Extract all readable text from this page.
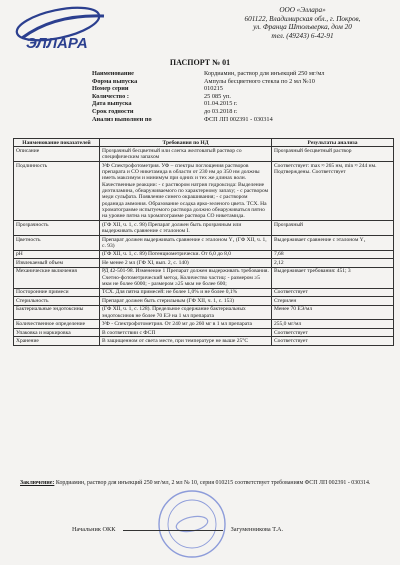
ЭЛЛАРА
ООО «Эллара»
601122, Владимирская обл., г. Покров,
ул. Франца Штольверка, дом 20
тел. (49243) 6-42-91
ПАСПОРТ № 01
Наименование	Кордиамин, раствор для инъекций 250 мг/мл
Форма выпуска	Ампулы бесцветного стекла по 2 мл №10
Номер серии	010215
Количество :	25 085 уп.
Дата выпуска	01.04.2015 г.
Срок годности	до 03.2018 г.
Анализ выполнен по	ФСП ЛП 002391 - 030314
Наименование показателей	Требования по НД	Результаты анализа
Описание	Прозрачный бесцветный или слегка желтоватый раствор со специфическим запахом	Прозрачный бесцветный раствор
Подлинность	УФ Спектрофотометрия. УФ – спектры поглощения растворов препарата и СО никетамида в области от 230 нм до 350 нм должны иметь максимум и минимум при одних и тех же длинах волн. Качественные реакции: - с раствором натрия гидроксида: Выделение диэтиламина, обнаруживаемого по характерному запаху; - с раствором меди сульфата. Появление синего окрашивания; - с раствором роданида аммония. Образование осадка ярко-зеленого цвета. ТСХ. На хроматограмме испытуемого раствора должно обнаруживаться пятно на уровне пятна на хроматограмме раствора СО никетамида.	Соответствует: max ≈ 265 нм, min ≈ 244 нм. Подтверждены. Соответствует
Прозрачность	(ГФ XII, ч. 1, с. 98) Препарат должен быть прозрачным или выдерживать сравнение с эталоном I.	Прозрачный
Цветность	Препарат должен выдерживать сравнение с эталоном Y₁ (ГФ XII, ч. 1, с. 93)	Выдерживает сравнение с эталоном Y₁
pH	(ГФ XII, ч. 1, с. 89) Потенциометрически. От 6,0 до 8,0	7,68
Извлекаемый объем	Не менее 2 мл (ГФ XI, вып. 2, с. 140)	2,12
Механические включения	РД 42-501-98. Изменение 1 Препарат должен выдерживать требования. Счетно-фотометрический метод. Количество частиц: - размером ≥5 мкм не более 6000; - размером ≥25 мкм не более 600;	Выдерживает требования: 451; 3
Посторонние примеси	ТСХ. Для пятна примесей: не более 1,0% и не более 0,1%	Соответствует
Стерильность	Препарат должен быть стерильным (ГФ XII, ч. 1, с. 153)	Стерилен
Бактериальные эндотоксины	(ГФ XII, ч. 1, с. 128). Предельное содержание бактериальных эндотоксинов не более 70 ЕЭ на 1 мл препарата	Менее 70 ЕЭ/мл
Количественное определение	УФ - Спектрофотометрия. От 240 мг до 260 мг в 1 мл препарата	255,0 мг/мл
Упаковка и маркировка	В соответствии с ФСП	Соответствует
Хранение	В защищенном от света месте, при температуре не выше 25°С	Соответствует
Заключение: Кордиамин, раствор для инъекций 250 мг/мл, 2 мл № 10, серия 010215 соответствует требованиям ФСП ЛП 002391 - 030314.
Начальник ОКК	Загуменникова Т.А.
